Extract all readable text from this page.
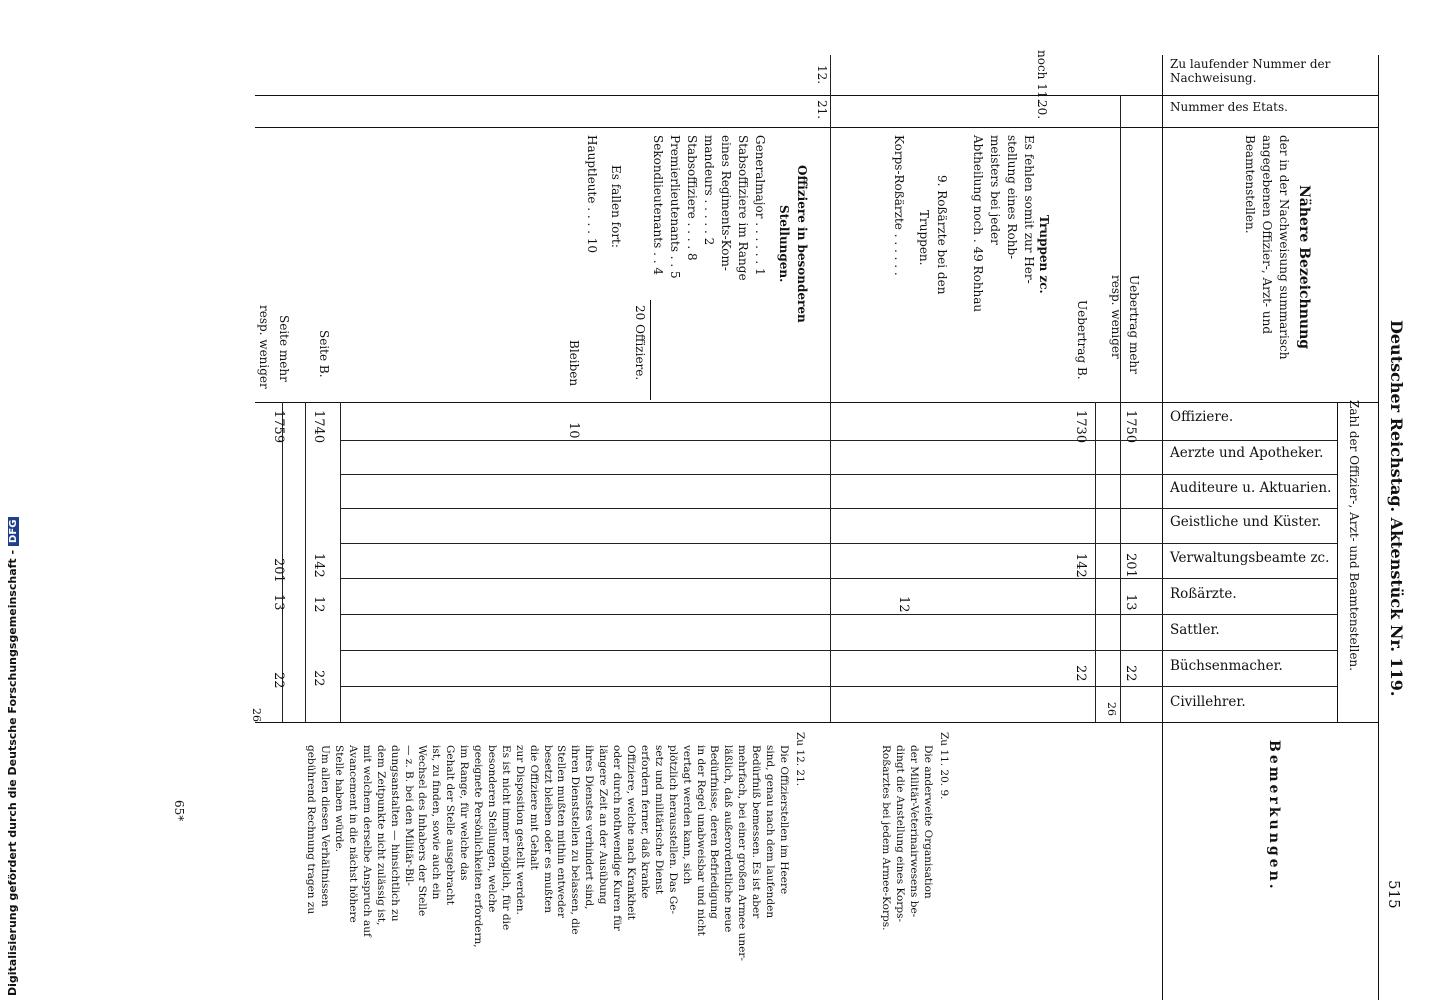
Zu laufender Nummer der Nachweisung.
Nummer des Etats.
Offiziere.
Aerzte und Apotheker.
Auditeure u. Aktuarien.
Geistliche und Küster.
Verwaltungsbeamte zc.
Roßärzte.
Sattler.
Büchsenmacher.
Civillehrer.
Deutscher Reichstag. Aktenstück Nr. 119.
515
Zahl der Offizier-, Arzt- und Beamtenstellen.
Bemerkungen.
Nähere Bezeichnung
der in der Nachweisung summarisch angegebenen Offizier-, Arzt- und Beamtenstellen.
noch 11.
20.
12.
21.
Uebertrag mehr
resp. weniger
Uebertrag B.
Truppen zc.
Es fehlen somit zur Her-
stellung eines Rohb-
meisters bei jeder
Abtheilung noch . 49 Rohhau
9. Roßärzte bei den
Truppen.
Korps-Roßärzte . . . . . .
Offiziere in besonderen
Stellungen.
Generalmajor . . . . . . 1
Stabsoffiziere im Range
eines Regiments-Kom-
mandeurs . . . . . 2
Stabsoffiziere . . . . 8
Premierlieutenants . . 5
Sekondlieutenants . . 4
20 Offiziere.
Es fallen fort:
Hauptleute . . . . 10
Bleiben
Seite B.
Seite mehr
resp. weniger
1750
1730
10
1740
1759
201
142
142
201
13
12
12
13
22
22
22
22
26
26
Zu 11. 20. 9.
Die anderweite Organisation
der Militär-Veterinairwesens be-
dingt die Anstellung eines Korps-
Roßarztes bei jedem Armee-Korps.
Zu 12. 21.
Die Offizierstellen im Heere
sind, genau nach dem laufenden
Bedürfniß bemessen. Es ist aber
mehrfach, bei einer großen Armee uner-
läßlich, daß außerordentliche neue
Bedürfnisse, deren Befriedigung
in der Regel unabweisbar und nicht
vertagt werden kann, sich
plötzlich herausstellen. Das Ge-
setz und militärische Dienst
erfordern ferner, daß kranke
Offiziere, welche nach Krankheit
oder durch nothwendige Kuren für
längere Zeit an der Ausübung
ihres Dienstes verhindert sind,
ihren Dienststellen zu belassen, die
Stellen mußten mithin entweder
besetzt bleiben oder es mußten
die Offiziere mit Gehalt
zur Disposition gestellt werden.
Es ist nicht immer möglich, für die
besonderen Stellungen, welche
geeignete Persönlichkeiten erfordern,
im Range, für welche das
Gehalt der Stelle ausgebracht
ist, zu finden, sowie auch ein
Wechsel des Inhabers der Stelle
— z. B. bei den Militär-Bil-
dungsanstalten — hinsichtlich zu
dem Zeitpunkte nicht zulässig ist,
mit welchem derselbe Anspruch auf
Avancement in die nächst höhere
Stelle haben würde.
Um allen diesen Verhältnissen
gebührend Rechnung tragen zu
65*
Digitalisierung gefördert durch die Deutsche Forschungsgemeinschaft -DFG
